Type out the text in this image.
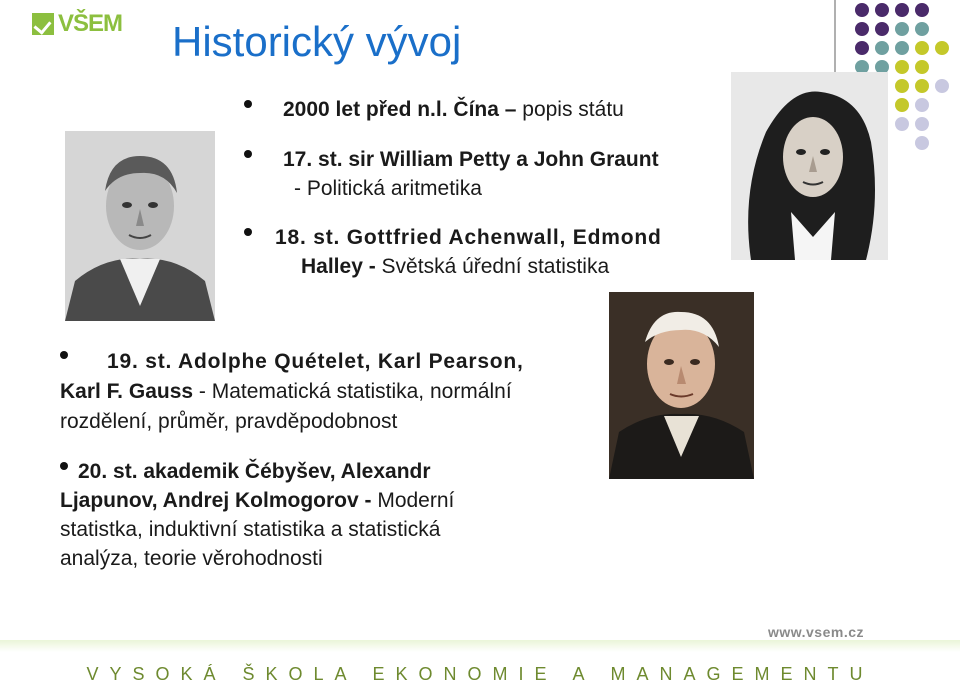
VŠEM Historický vývoj
2000 let před n.l. Čína – popis státu
17. st. sir William Petty a John Graunt
- Politická aritmetika
18. st. Gottfried Achenwall, Edmond
Halley - Světská úřední statistika
19. st. Adolphe Quételet, Karl Pearson,
Karl F. Gauss - Matematická statistika, normální
rozdělení, průměr, pravděpodobnost
20. st. akademik Čébyšev, Alexandr
Ljapunov, Andrej Kolmogorov - Moderní
statistka, induktivní statistika a statistická
analýza, teorie věrohodnosti
www.vsem.cz
VYSOKÁ ŠKOLA EKONOMIE A MANAGEMENTU
